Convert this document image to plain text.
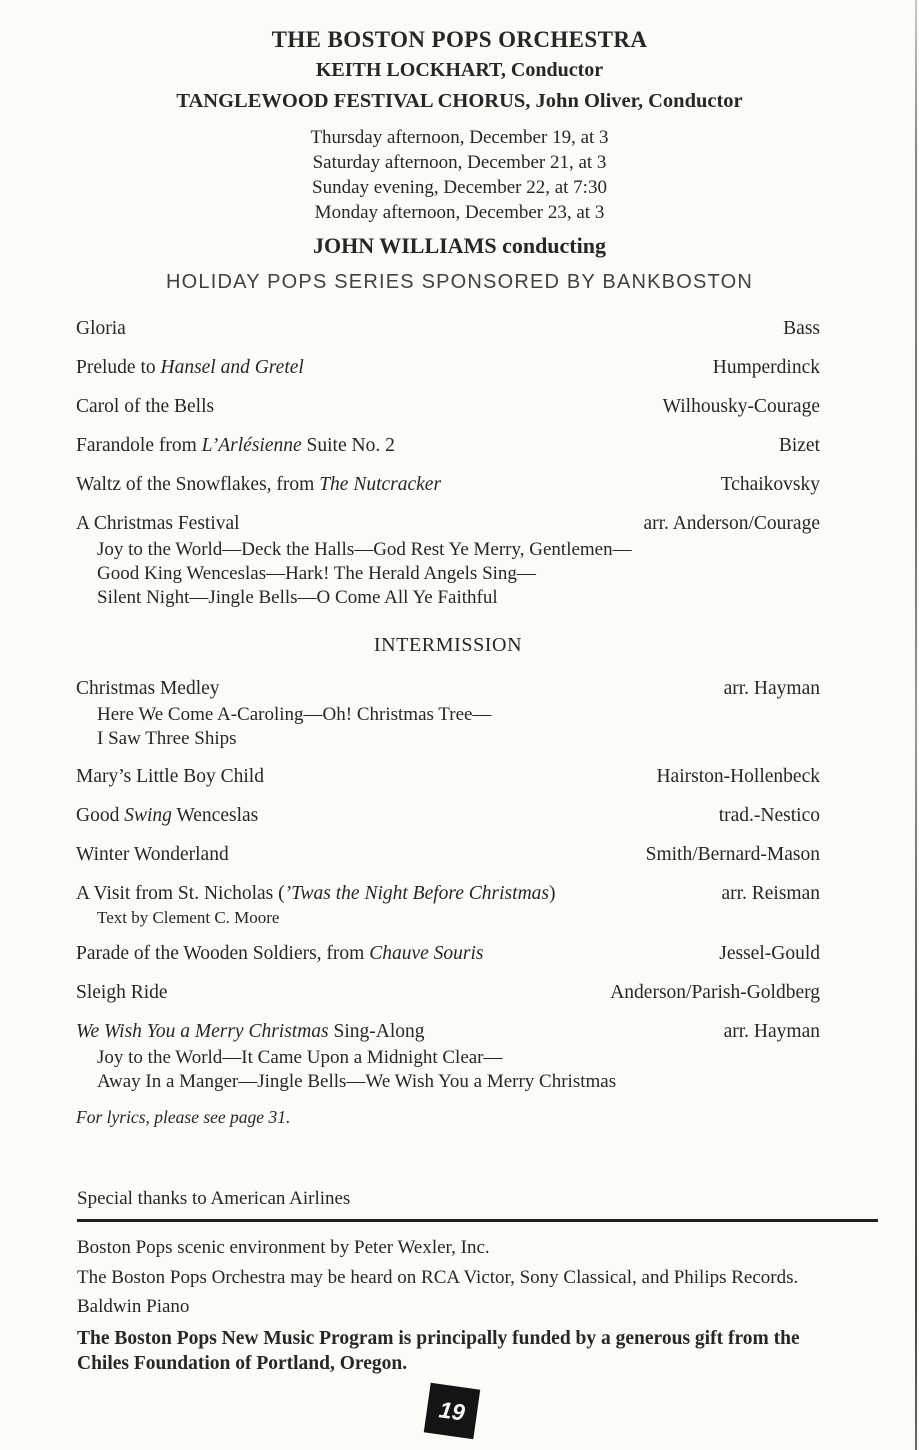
THE BOSTON POPS ORCHESTRA
KEITH LOCKHART, Conductor
TANGLEWOOD FESTIVAL CHORUS, John Oliver, Conductor
Thursday afternoon, December 19, at 3
Saturday afternoon, December 21, at 3
Sunday evening, December 22, at 7:30
Monday afternoon, December 23, at 3
JOHN WILLIAMS conducting
HOLIDAY POPS SERIES SPONSORED BY BANKBOSTON
Gloria	Bass
Prelude to Hansel and Gretel	Humperdinck
Carol of the Bells	Wilhousky-Courage
Farandole from L’Arlésienne Suite No. 2	Bizet
Waltz of the Snowflakes, from The Nutcracker	Tchaikovsky
A Christmas Festival	arr. Anderson/Courage
Joy to the World—Deck the Halls—God Rest Ye Merry, Gentlemen—
Good King Wenceslas—Hark! The Herald Angels Sing—
Silent Night—Jingle Bells—O Come All Ye Faithful
INTERMISSION
Christmas Medley	arr. Hayman
Here We Come A-Caroling—Oh! Christmas Tree—
I Saw Three Ships
Mary’s Little Boy Child	Hairston-Hollenbeck
Good Swing Wenceslas	trad.-Nestico
Winter Wonderland	Smith/Bernard-Mason
A Visit from St. Nicholas (’Twas the Night Before Christmas)	arr. Reisman
Text by Clement C. Moore
Parade of the Wooden Soldiers, from Chauve Souris	Jessel-Gould
Sleigh Ride	Anderson/Parish-Goldberg
We Wish You a Merry Christmas Sing-Along	arr. Hayman
Joy to the World—It Came Upon a Midnight Clear—
Away In a Manger—Jingle Bells—We Wish You a Merry Christmas
For lyrics, please see page 31.
Special thanks to American Airlines
Boston Pops scenic environment by Peter Wexler, Inc.
The Boston Pops Orchestra may be heard on RCA Victor, Sony Classical, and Philips Records.
Baldwin Piano
The Boston Pops New Music Program is principally funded by a generous gift from the Chiles Foundation of Portland, Oregon.
19
